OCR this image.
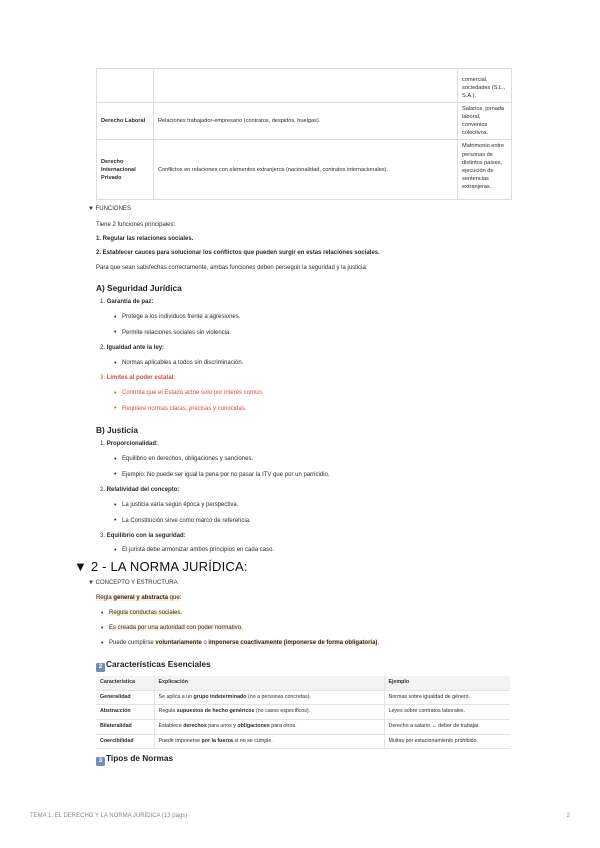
		comercial, sociedades (S.L., S.A.).
Derecho Laboral	Relaciones trabajador-empresario (contratos, despidos, huelgas).	Salarios, jornada laboral, convenios colectivos.
Derecho Internacional Privado	Conflictos en relaciones con elementos extranjeros (nacionalidad, contratos internacionales).	Matrimonio entre personas de distintos países, ejecución de sentencias extranjeras.
▼ FUNCIONES
Tiene 2 funciones principales:
1. Regular las relaciones sociales.
2. Establecer cauces para solucionar los conflictos que pueden surgir en estas relaciones sociales.
Para que sean satisfechas correctamente, ambas funciones deben perseguir la seguridad y la justicia:
A) Seguridad Jurídica
1. Garantía de paz:
• Protege a los individuos frente a agresiones.
• Permite relaciones sociales sin violencia.
2. Igualdad ante la ley:
• Normas aplicables a todos sin discriminación.
3. Límites al poder estatal:
• Controla que el Estado actúe solo por interés común.
• Requiere normas claras, precisas y conocidas.
B) Justicia
1. Proporcionalidad:
• Equilibrio en derechos, obligaciones y sanciones.
• Ejemplo: No puede ser igual la pena por no pasar la ITV que por un parricidio.
2. Relatividad del concepto:
• La justicia varía según época y perspectiva.
• La Constitución sirve como marco de referencia.
3. Equilibrio con la seguridad:
• El jurista debe armonizar ambos principios en cada caso.
▼ 2 - LA NORMA JURÍDICA:
▼ CONCEPTO Y ESTRUCTURA
Regla general y abstracta que:
• Regula conductas sociales.
• Es creada por una autoridad con poder normativo.
• Puede cumplirse voluntariamente o imponerse coactivamente (imponerse de forma obligatoria).
2 Características Esenciales
Característica	Explicación	Ejemplo
Generalidad	Se aplica a un grupo indeterminado (no a personas concretas).	Normas sobre igualdad de género.
Abstracción	Regula supuestos de hecho genéricos (no casos específicos).	Leyes sobre contratos laborales.
Bilateralidad	Establece derechos para unos y obligaciones para otros.	Derecho a salario ↔ deber de trabajar.
Coercibilidad	Puede imponerse por la fuerza si no se cumple.	Multas por estacionamiento prohibido.
3 Tipos de Normas
TEMA 1. EL DERECHO Y LA NORMA JURÍDICA (13 pags)	2
